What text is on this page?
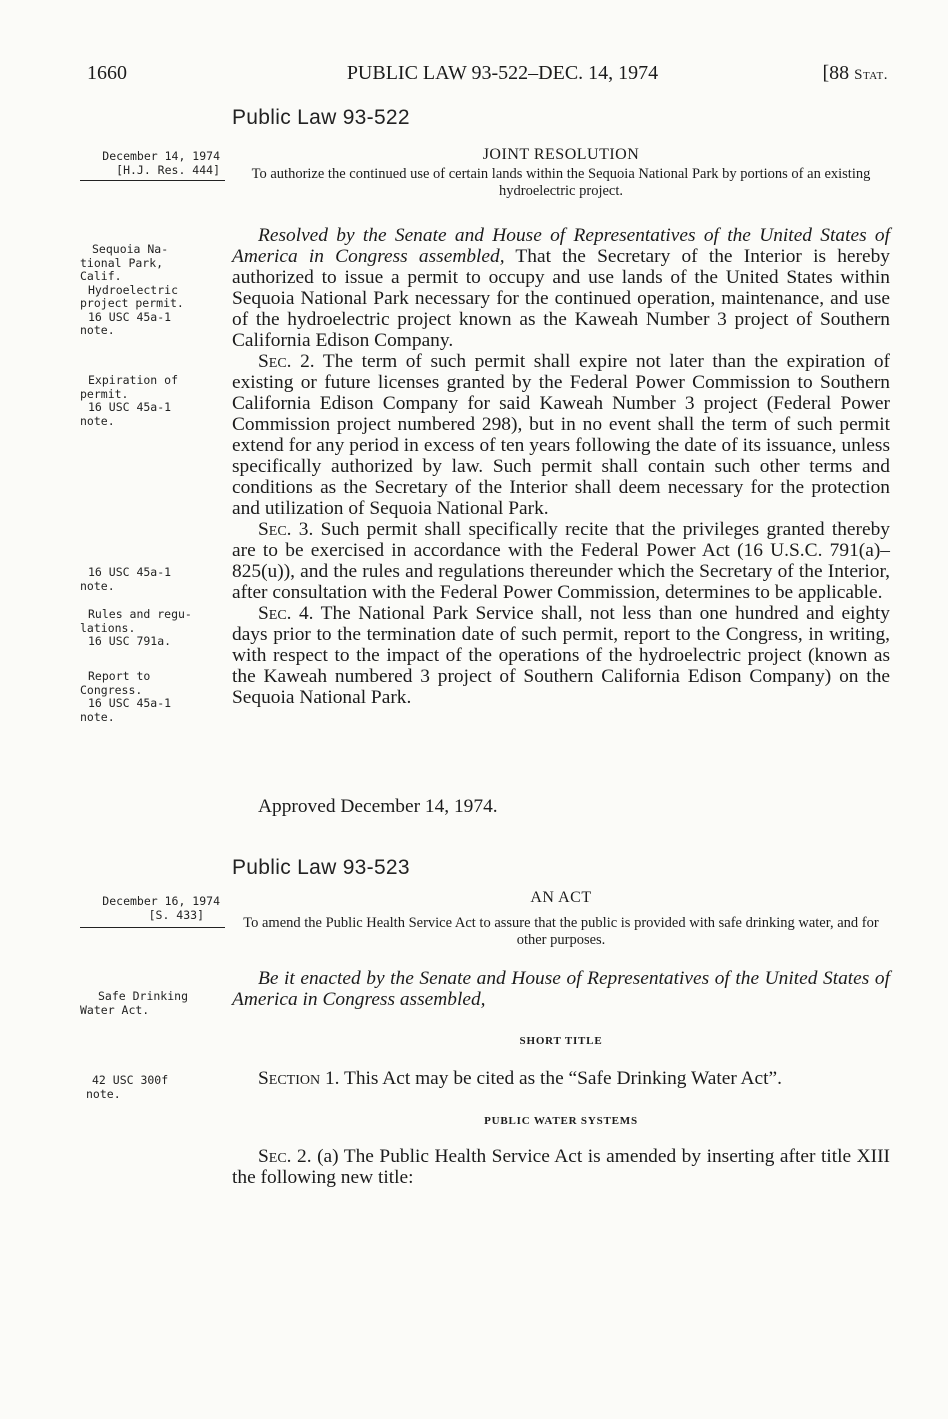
1660	PUBLIC LAW 93-522–DEC. 14, 1974	[88 Stat.
Public Law 93-522
December 14, 1974
[H.J. Res. 444]
JOINT RESOLUTION
To authorize the continued use of certain lands within the Sequoia National Park by portions of an existing hydroelectric project.
Sequoia Na-
tional Park,
Calif.
Hydroelectric
project permit.
16 USC 45a-1
note.
Expiration of
permit.
16 USC 45a-1
note.
16 USC 45a-1
note.
Rules and regu-
lations.
16 USC 791a.
Report to
Congress.
16 USC 45a-1
note.

Resolved by the Senate and House of Representatives of the United States of America in Congress assembled, That the Secretary of the Interior is hereby authorized to issue a permit to occupy and use lands of the United States within Sequoia National Park necessary for the continued operation, maintenance, and use of the hydroelectric project known as the Kaweah Number 3 project of Southern California Edison Company.

Sec. 2. The term of such permit shall expire not later than the expiration of existing or future licenses granted by the Federal Power Commission to Southern California Edison Company for said Kaweah Number 3 project (Federal Power Commission project numbered 298), but in no event shall the term of such permit extend for any period in excess of ten years following the date of its issuance, unless specifically authorized by law. Such permit shall contain such other terms and conditions as the Secretary of the Interior shall deem necessary for the protection and utilization of Sequoia National Park.

Sec. 3. Such permit shall specifically recite that the privileges granted thereby are to be exercised in accordance with the Federal Power Act (16 U.S.C. 791(a)–825(u)), and the rules and regulations thereunder which the Secretary of the Interior, after consultation with the Federal Power Commission, determines to be applicable.

Sec. 4. The National Park Service shall, not less than one hundred and eighty days prior to the termination date of such permit, report to the Congress, in writing, with respect to the impact of the operations of the hydroelectric project (known as the Kaweah numbered 3 project of Southern California Edison Company) on the Sequoia National Park.

Approved December 14, 1974.
Public Law 93-523
December 16, 1974
[S. 433]
AN ACT
To amend the Public Health Service Act to assure that the public is provided with safe drinking water, and for other purposes.
Safe Drinking
Water Act.
42 USC 300f
note.

Be it enacted by the Senate and House of Representatives of the United States of America in Congress assembled,

SHORT TITLE

Section 1. This Act may be cited as the “Safe Drinking Water Act”.

PUBLIC WATER SYSTEMS

Sec. 2. (a) The Public Health Service Act is amended by inserting after title XIII the following new title:
